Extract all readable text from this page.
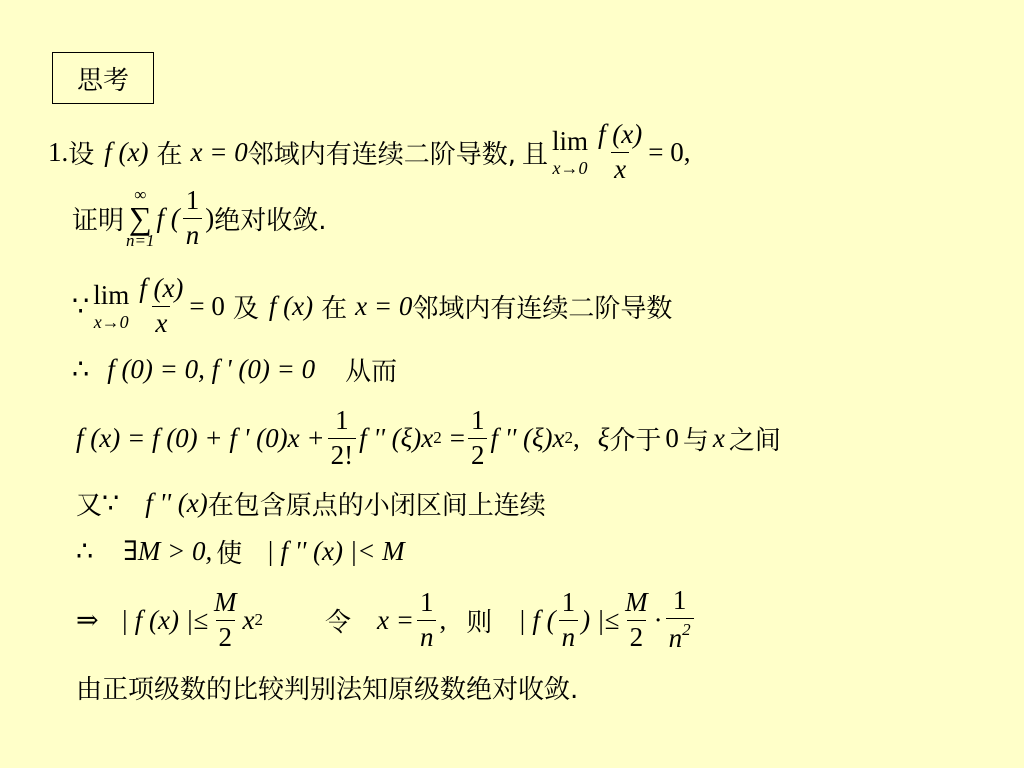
思考
1. 设 f (x) 在 x = 0 邻域内有连续二阶导数, 且 lim
$x\to 0 \frac{f (x)}{x} = 0$ ,
证明
∞
∑
n=1
f ( $\frac{1}{n}$ ) 绝对收敛.
∵ lim
$x\to 0 \frac{f (x)}{x} = 0$ 及 f (x) 在 x = 0 邻域内有连续二阶导数
∴ f (0) = 0, f ' (0) = 0 从而
f (x) = f (0) + f ' $(0)x + \frac{1}{2!}$ f '' (ξ)x $2 = \frac{1}{2}$ f '' (ξ)x 2 , ξ 介于 0 与 x 之间
又 ∵ f '' (x) 在包含原点的小闭区间上连续
∴ ∃M > 0, 使 | f '' (x) |< M
⇒ | f (x) |≤ $\frac{M}{2}$ x 2 令 $x = \frac{1}{n}$ , 则 | f ( $\frac{1}{n}$ ) |≤ $\frac{M}{2} \cdot \frac{1}{n^2}$
由正项级数的比较判别法知原级数绝对收敛.
